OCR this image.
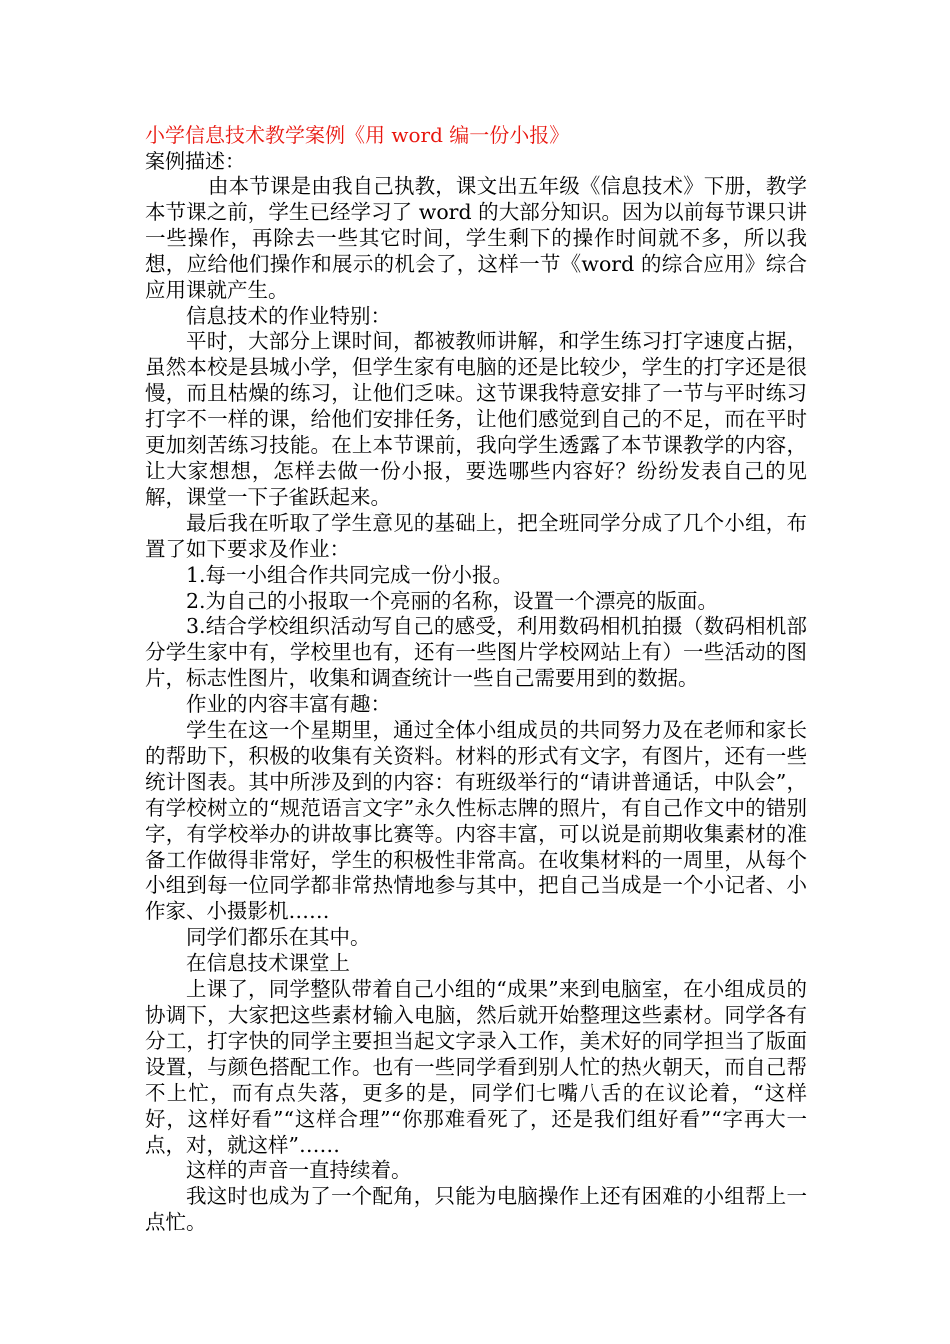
小学信息技术教学案例《用 word 编一份小报》
案例描述：

由本节课是由我自己执教，课文出五年级《信息技术》下册，教学本节课之前，学生已经学习了 word 的大部分知识。因为以前每节课只讲一些操作，再除去一些其它时间，学生剩下的操作时间就不多，所以我想，应给他们操作和展示的机会了，这样一节《word 的综合应用》综合应用课就产生。

信息技术的作业特别：

平时，大部分上课时间，都被教师讲解，和学生练习打字速度占据，虽然本校是县城小学，但学生家有电脑的还是比较少，学生的打字还是很慢，而且枯燥的练习，让他们乏味。这节课我特意安排了一节与平时练习打字不一样的课，给他们安排任务，让他们感觉到自己的不足，而在平时更加刻苦练习技能。在上本节课前，我向学生透露了本节课教学的内容，让大家想想，怎样去做一份小报，要选哪些内容好？纷纷发表自己的见解，课堂一下子雀跃起来。

最后我在听取了学生意见的基础上，把全班同学分成了几个小组，布置了如下要求及作业：

1.每一小组合作共同完成一份小报。

2.为自己的小报取一个亮丽的名称，设置一个漂亮的版面。

3.结合学校组织活动写自己的感受，利用数码相机拍摄（数码相机部分学生家中有，学校里也有，还有一些图片学校网站上有）一些活动的图片，标志性图片，收集和调查统计一些自己需要用到的数据。

作业的内容丰富有趣：

学生在这一个星期里，通过全体小组成员的共同努力及在老师和家长的帮助下，积极的收集有关资料。材料的形式有文字，有图片，还有一些统计图表。其中所涉及到的内容：有班级举行的“请讲普通话，中队会”，有学校树立的“规范语言文字”永久性标志牌的照片，有自己作文中的错别字，有学校举办的讲故事比赛等。内容丰富，可以说是前期收集素材的准备工作做得非常好，学生的积极性非常高。在收集材料的一周里，从每个小组到每一位同学都非常热情地参与其中，把自己当成是一个小记者、小作家、小摄影机……

同学们都乐在其中。

在信息技术课堂上

上课了，同学整队带着自己小组的“成果”来到电脑室，在小组成员的协调下，大家把这些素材输入电脑，然后就开始整理这些素材。同学各有分工，打字快的同学主要担当起文字录入工作，美术好的同学担当了版面设置，与颜色搭配工作。也有一些同学看到别人忙的热火朝天，而自己帮不上忙，而有点失落，更多的是，同学们七嘴八舌的在议论着，“这样好，这样好看”“这样合理”“你那难看死了，还是我们组好看”“字再大一点，对，就这样”……

这样的声音一直持续着。

我这时也成为了一个配角，只能为电脑操作上还有困难的小组帮上一点忙。
